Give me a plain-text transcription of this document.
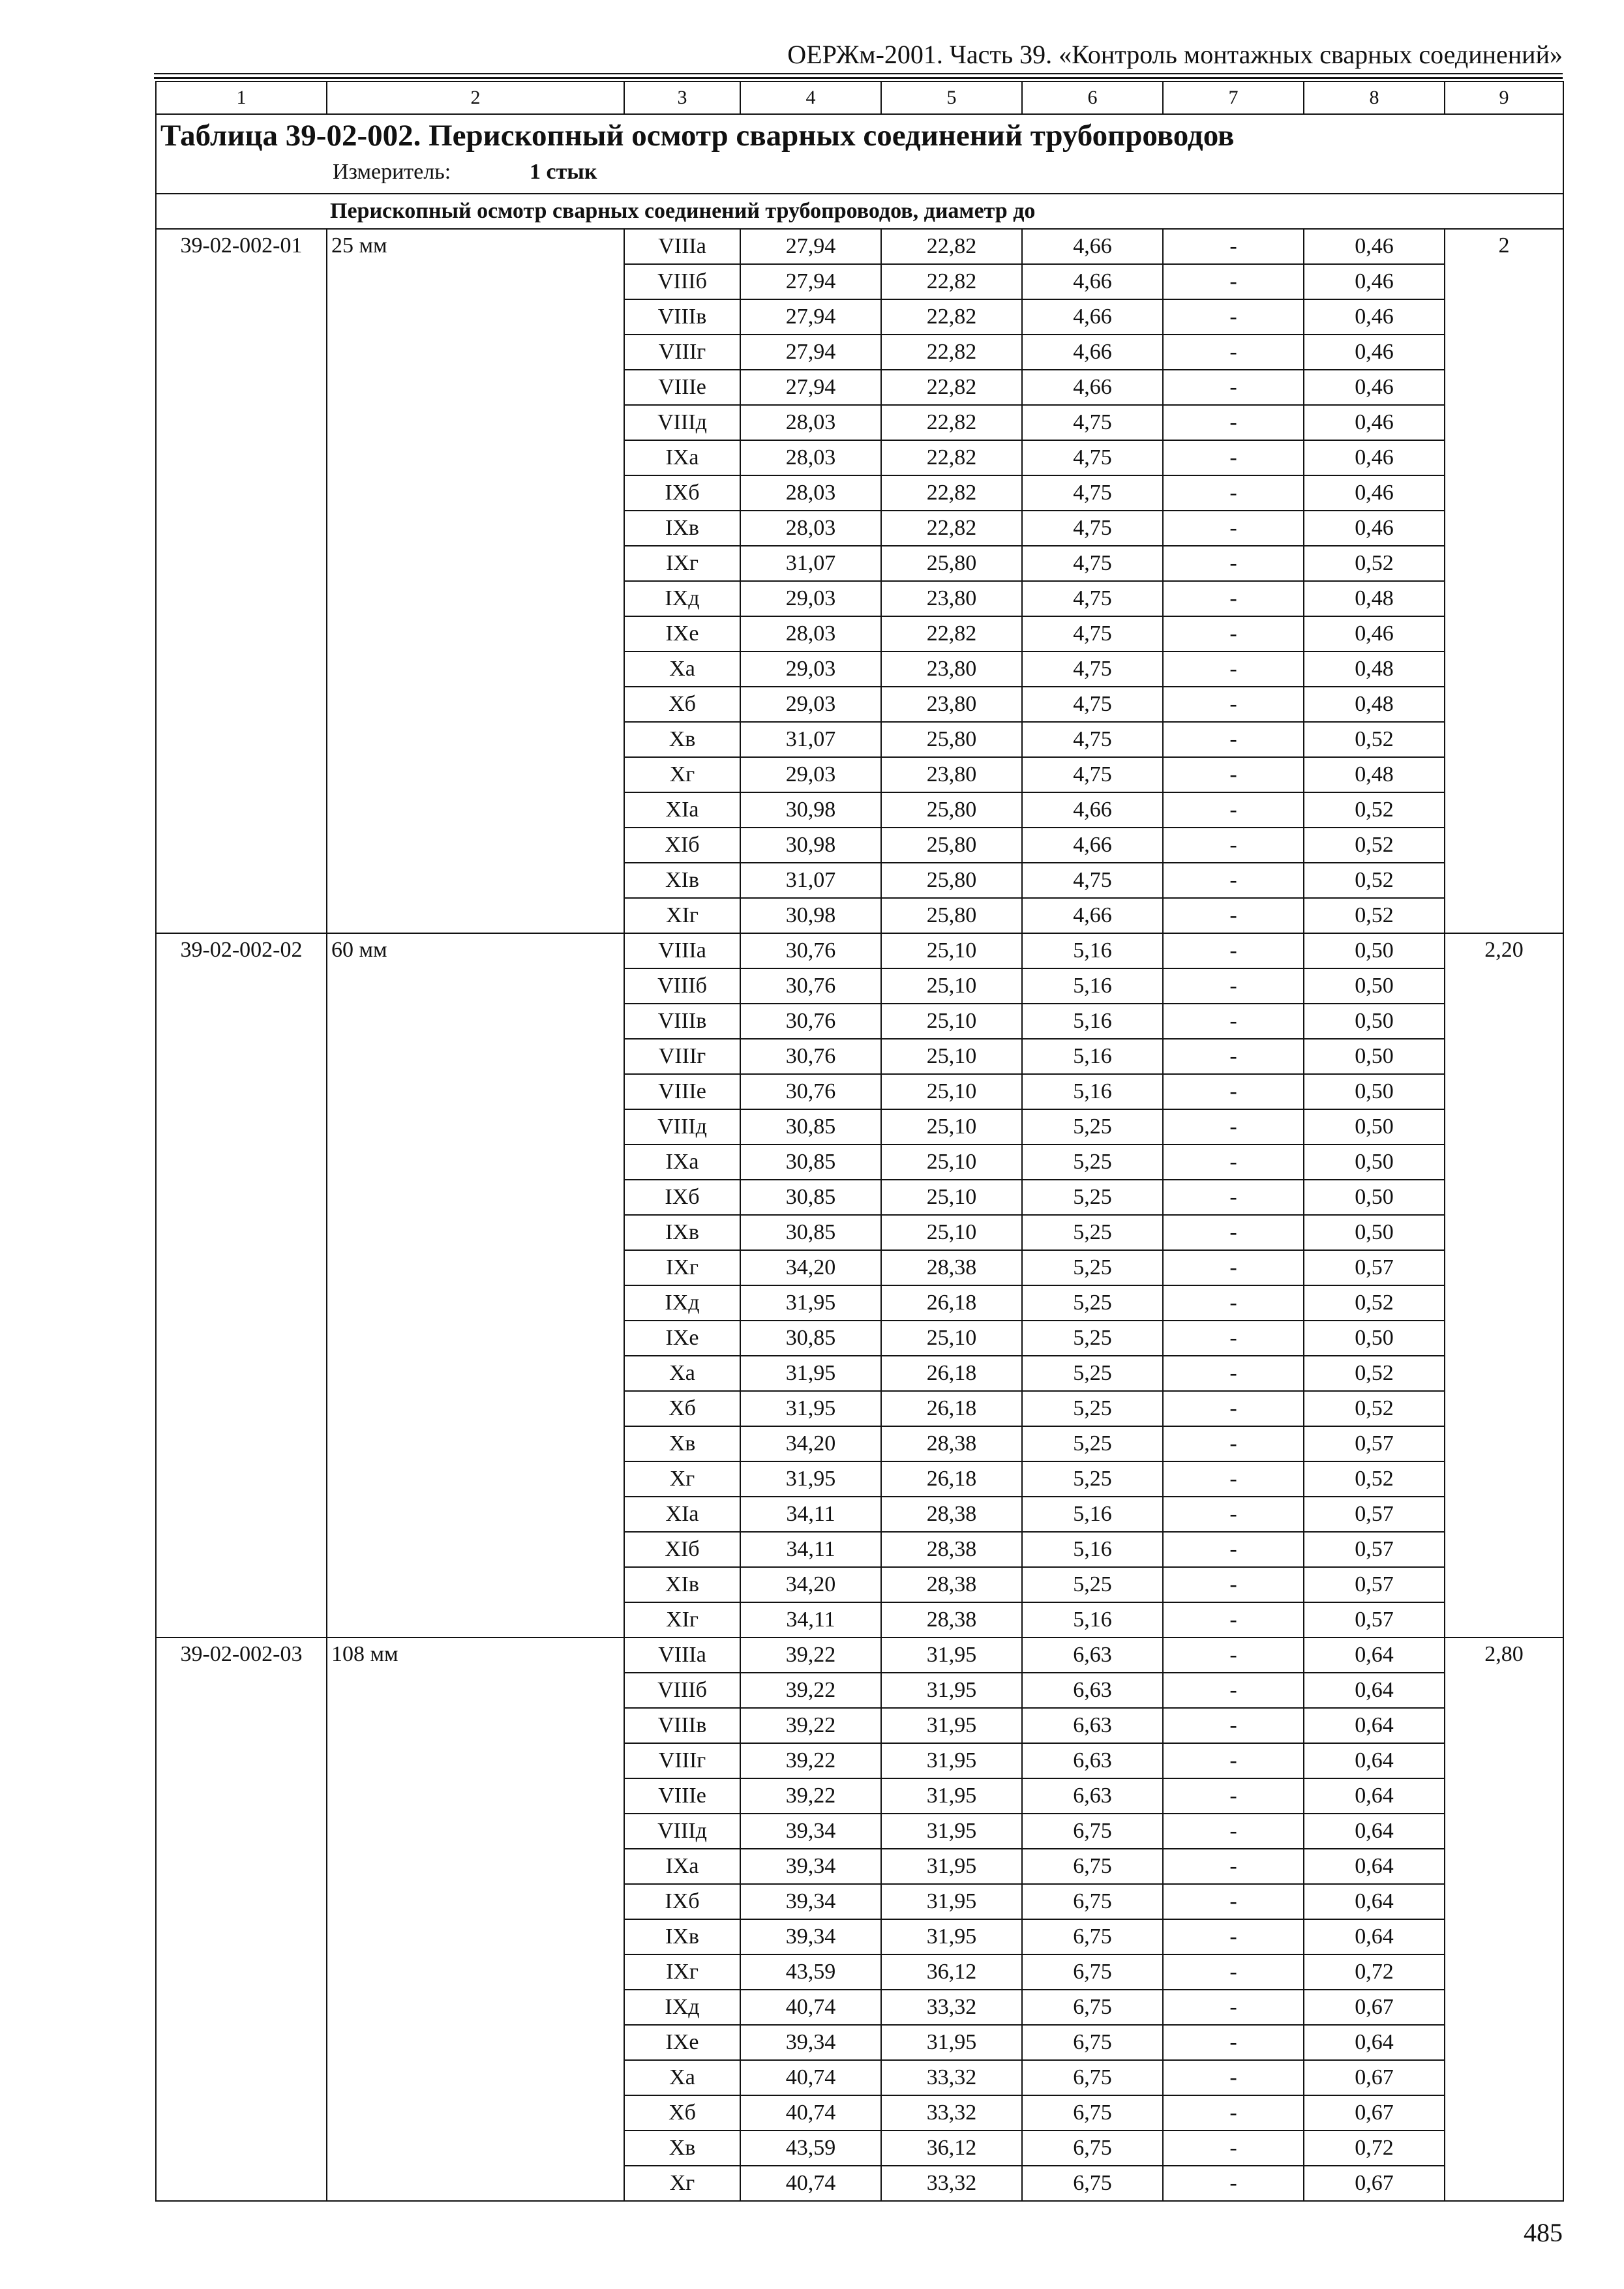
ОЕРЖм-2001. Часть 39. «Контроль монтажных сварных соединений»
1	2	3	4	5	6	7	8	9

Таблица 39-02-002. Перископный осмотр сварных соединений трубопроводов
Измеритель: 1 стык								

Перископный осмотр сварных соединений трубопроводов, диаметр до								
39-02-002-01	25 мм	VIIIа	27,94	22,82	4,66	-	0,46	2
		VIIIб	27,94	22,82	4,66	-	0,46	
		VIIIв	27,94	22,82	4,66	-	0,46	
		VIIIг	27,94	22,82	4,66	-	0,46	
		VIIIе	27,94	22,82	4,66	-	0,46	
		VIIIд	28,03	22,82	4,75	-	0,46	
		IXа	28,03	22,82	4,75	-	0,46	
		IXб	28,03	22,82	4,75	-	0,46	
		IXв	28,03	22,82	4,75	-	0,46	
		IXг	31,07	25,80	4,75	-	0,52	
		IXд	29,03	23,80	4,75	-	0,48	
		IXе	28,03	22,82	4,75	-	0,46	
		Xа	29,03	23,80	4,75	-	0,48	
		Xб	29,03	23,80	4,75	-	0,48	
		Xв	31,07	25,80	4,75	-	0,52	
		Xг	29,03	23,80	4,75	-	0,48	
		XIа	30,98	25,80	4,66	-	0,52	
		XIб	30,98	25,80	4,66	-	0,52	
		XIв	31,07	25,80	4,75	-	0,52	
		XIг	30,98	25,80	4,66	-	0,52	
39-02-002-02	60 мм	VIIIа	30,76	25,10	5,16	-	0,50	2,20
		VIIIб	30,76	25,10	5,16	-	0,50	
		VIIIв	30,76	25,10	5,16	-	0,50	
		VIIIг	30,76	25,10	5,16	-	0,50	
		VIIIе	30,76	25,10	5,16	-	0,50	
		VIIIд	30,85	25,10	5,25	-	0,50	
		IXа	30,85	25,10	5,25	-	0,50	
		IXб	30,85	25,10	5,25	-	0,50	
		IXв	30,85	25,10	5,25	-	0,50	
		IXг	34,20	28,38	5,25	-	0,57	
		IXд	31,95	26,18	5,25	-	0,52	
		IXе	30,85	25,10	5,25	-	0,50	
		Xа	31,95	26,18	5,25	-	0,52	
		Xб	31,95	26,18	5,25	-	0,52	
		Xв	34,20	28,38	5,25	-	0,57	
		Xг	31,95	26,18	5,25	-	0,52	
		XIа	34,11	28,38	5,16	-	0,57	
		XIб	34,11	28,38	5,16	-	0,57	
		XIв	34,20	28,38	5,25	-	0,57	
		XIг	34,11	28,38	5,16	-	0,57	
39-02-002-03	108 мм	VIIIа	39,22	31,95	6,63	-	0,64	2,80
		VIIIб	39,22	31,95	6,63	-	0,64	
		VIIIв	39,22	31,95	6,63	-	0,64	
		VIIIг	39,22	31,95	6,63	-	0,64	
		VIIIе	39,22	31,95	6,63	-	0,64	
		VIIIд	39,34	31,95	6,75	-	0,64	
		IXа	39,34	31,95	6,75	-	0,64	
		IXб	39,34	31,95	6,75	-	0,64	
		IXв	39,34	31,95	6,75	-	0,64	
		IXг	43,59	36,12	6,75	-	0,72	
		IXд	40,74	33,32	6,75	-	0,67	
		IXе	39,34	31,95	6,75	-	0,64	
		Xа	40,74	33,32	6,75	-	0,67	
		Xб	40,74	33,32	6,75	-	0,67	
		Xв	43,59	36,12	6,75	-	0,72	
		Xг	40,74	33,32	6,75	-	0,67	
485
